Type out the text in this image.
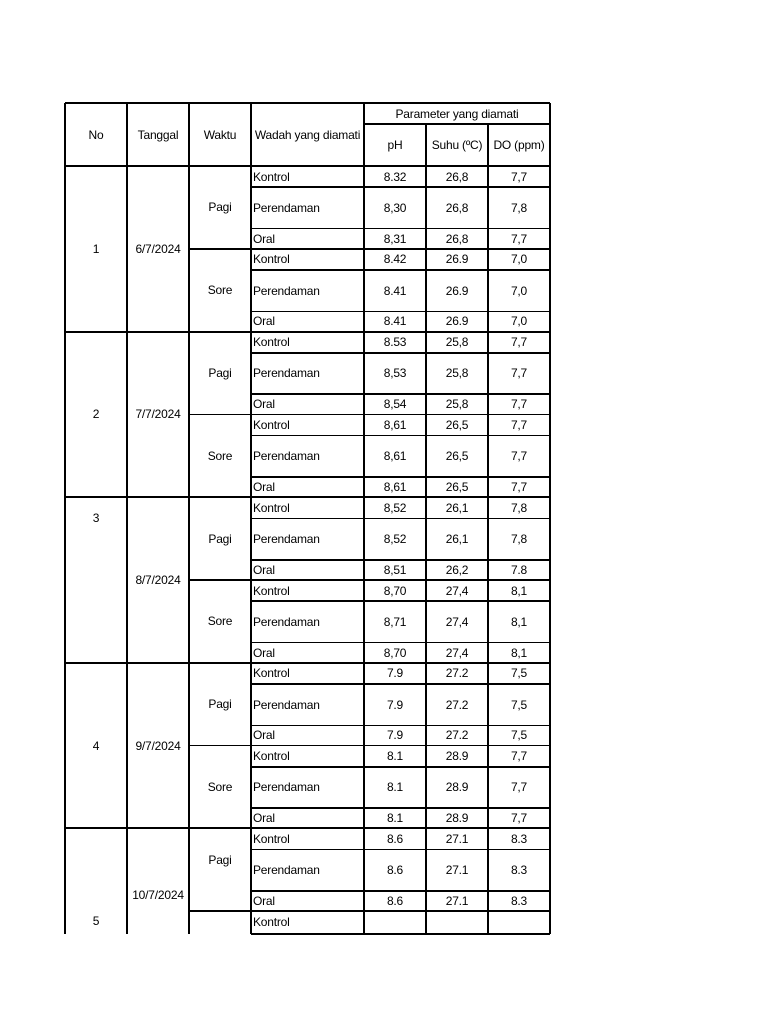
No	Tanggal	Waktu	Wadah yang diamati
Parameter yang diamati
pH	Suhu (ºC) DO (ppm)
1	6/7/2024
Pagi
Kontrol	8.32	26,8	7,7
Perendaman	8,30	26,8	7,8
Oral	8,31	26,8	7,7
Sore
Kontrol	8.42	26.9	7,0
Perendaman	8.41	26.9	7,0
Oral	8.41	26.9	7,0
2	7/7/2024
Pagi
Kontrol	8.53	25,8	7,7
Perendaman	8,53	25,8	7,7
Oral	8,54	25,8	7,7
Sore
Kontrol	8,61	26,5	7,7
Perendaman	8,61	26,5	7,7
Oral	8,61	26,5	7,7
3
8/7/2024
Pagi
Kontrol	8,52	26,1	7,8
Perendaman	8,52	26,1	7,8
Oral	8,51	26,2	7.8
Sore
Kontrol	8,70	27,4	8,1
Perendaman	8,71	27,4	8,1
Oral	8,70	27,4	8,1
4	9/7/2024
Pagi
Kontrol	7.9	27.2	7,5
Perendaman	7.9	27.2	7,5
Oral	7.9	27.2	7,5
Sore
Kontrol	8.1	28.9	7,7
Perendaman	8.1	28.9	7,7
Oral	8.1	28.9	7,7
5
10/7/2024
Pagi
Kontrol	8.6	27.1	8.3
Perendaman	8.6	27.1	8.3
Oral	8.6	27.1	8.3
Kontrol
